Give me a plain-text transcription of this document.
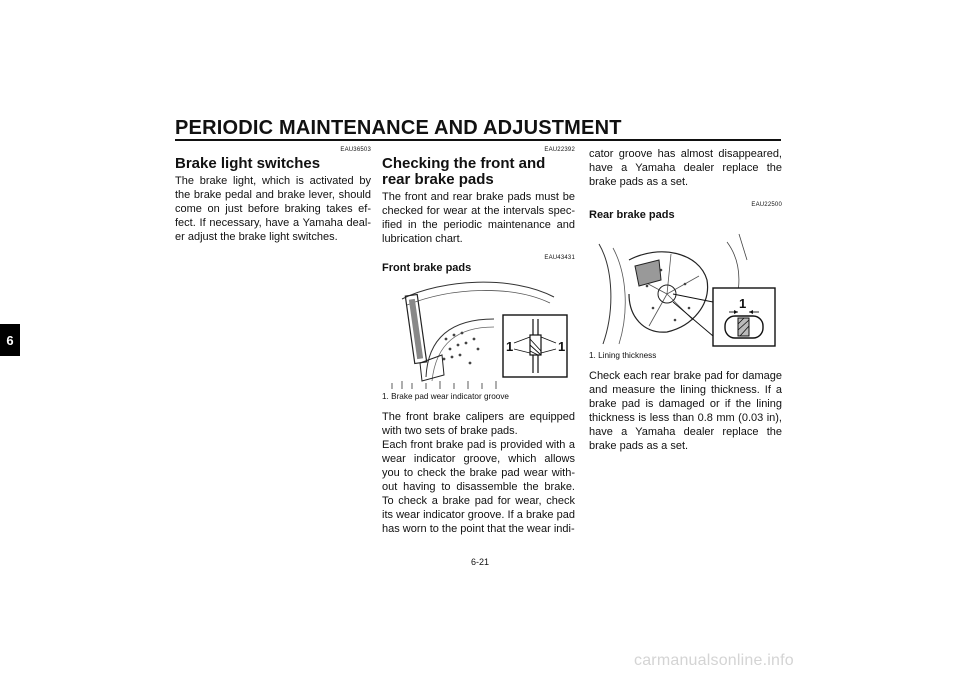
PERIODIC MAINTENANCE AND ADJUSTMENT
6
EAU36503
Brake light switches

The brake light, which is activated by the brake pedal and brake lever, should come on just before braking takes ef-fect. If necessary, have a Yamaha deal-er adjust the brake light switches.

EAU22392
Checking the front and rear brake pads

The front and rear brake pads must be checked for wear at the intervals spec-ified in the periodic maintenance and lubrication chart.

EAU43431
Front brake pads
1	1
1. Brake pad wear indicator groove

The front brake calipers are equipped with two sets of brake pads.

Each front brake pad is provided with a wear indicator groove, which allows you to check the brake pad wear with-out having to disassemble the brake. To check a brake pad for wear, check its wear indicator groove. If a brake pad has worn to the point that the wear indi-

cator groove has almost disappeared, have a Yamaha dealer replace the brake pads as a set.

EAU22500
Rear brake pads
1
1. Lining thickness

Check each rear brake pad for damage and measure the lining thickness. If a brake pad is damaged or if the lining thickness is less than 0.8 mm (0.03 in), have a Yamaha dealer replace the brake pads as a set.

6-21
carmanualsonline.info
